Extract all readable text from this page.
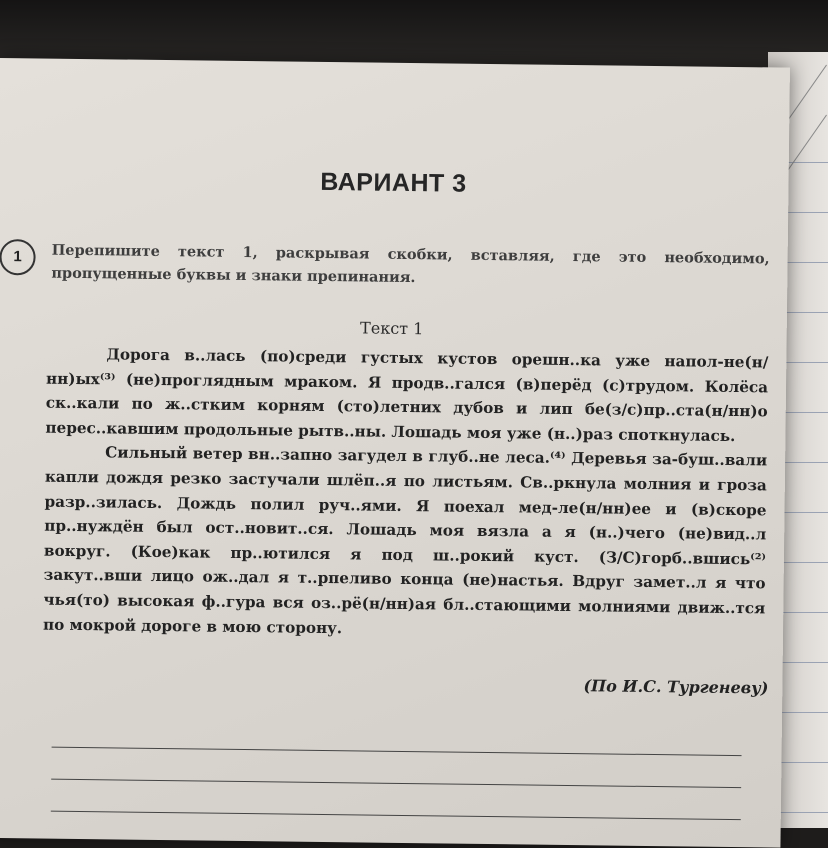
ВАРИАНТ 3
1	Перепишите текст 1, раскрывая скобки, вставляя, где это необходимо, пропущенные буквы и знаки препинания.
Текст 1

Дорога в..лась (по)среди густых кустов орешн..ка уже напол-не(н/нн)ых⁽³⁾ (не)проглядным мраком. Я продв..гался (в)перёд (с)трудом. Колёса ск..кали по ж..стким корням (сто)летних дубов и лип бе(з/с)пр..ста(н/нн)о перес..кавшим продольные рытв..ны. Лошадь моя уже (н..)раз споткнулась.

Сильный ветер вн..запно загудел в глуб..не леса.⁽⁴⁾ Деревья за-буш..вали капли дождя резко застучали шлёп..я по листьям. Св..ркнула молния и гроза разр..зилась. Дождь полил руч..ями. Я поехал мед-ле(н/нн)ее и (в)скоре пр..нуждён был ост..новит..ся. Лошадь моя вязла а я (н..)чего (не)вид..л вокруг. (Кое)как пр..ютился я под ш..рокий куст. (З/С)горб..вшись⁽²⁾ закут..вши лицо ож..дал я т..рпеливо конца (не)настья. Вдруг замет..л я что чья(то) высокая ф..гура вся оз..рё(н/нн)ая бл..стающими молниями движ..тся по мокрой дороге в мою сторону.

(По И.С. Тургеневу)
